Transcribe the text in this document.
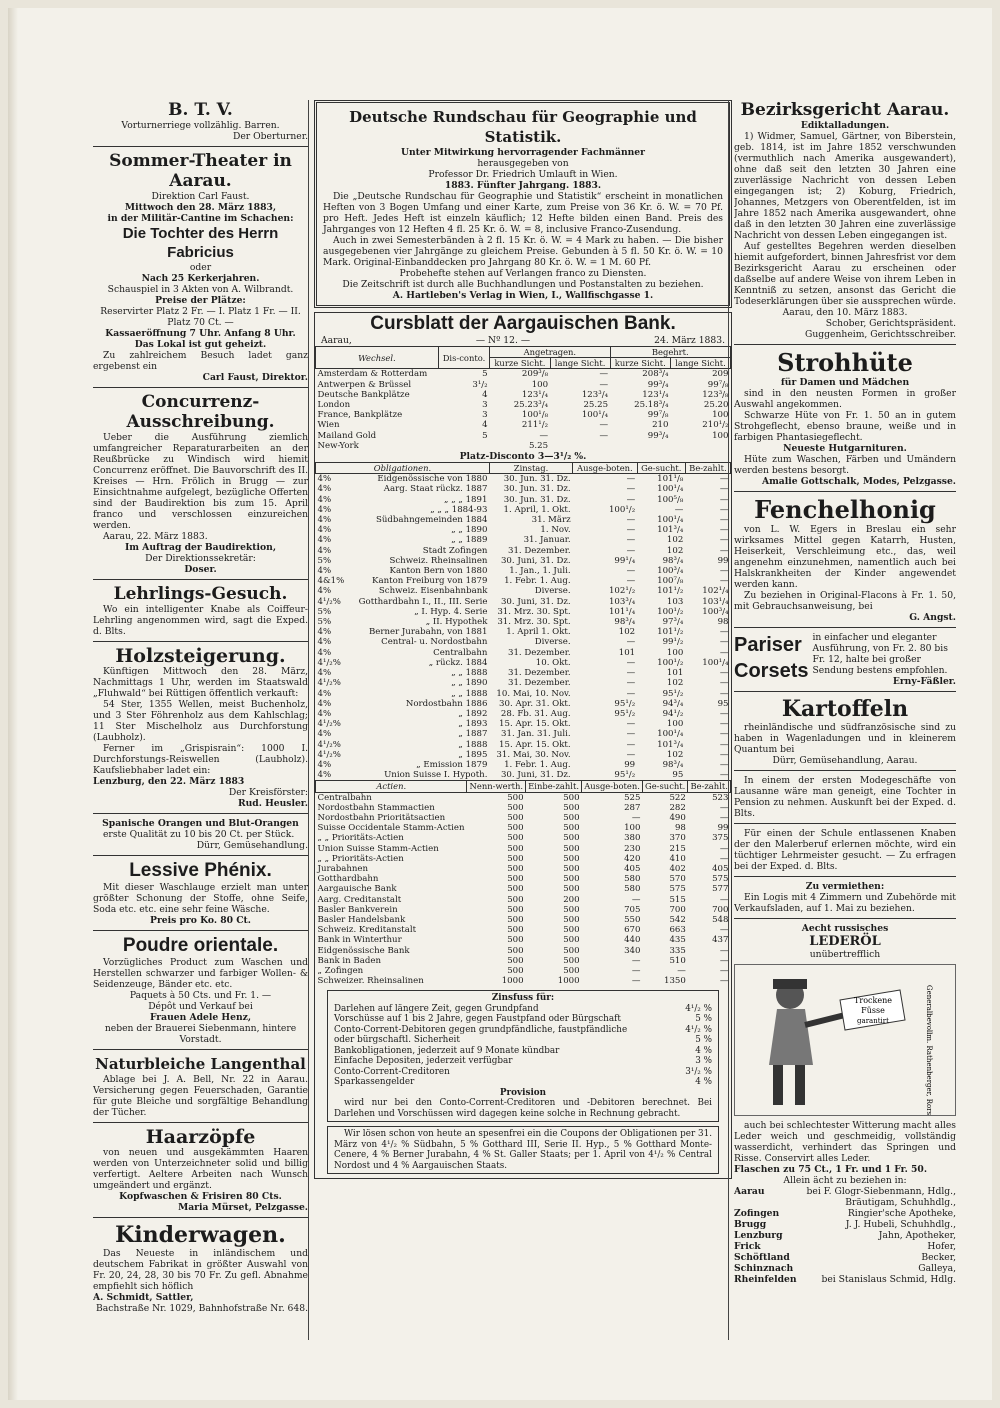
B. T. V.
Vorturnerriege vollzählig. Barren.
Der Oberturner.
Sommer-Theater in Aarau.
Direktion Carl Faust.
Mittwoch den 28. März 1883,
in der Militär-Cantine im Schachen:
Die Tochter des Herrn Fabricius
oder
Nach 25 Kerkerjahren.
Schauspiel in 3 Akten von A. Wilbrandt.
Preise der Plätze:
Reservirter Platz 2 Fr. — I. Platz 1 Fr. — II. Platz 70 Ct. —
Kassaeröffnung 7 Uhr. Anfang 8 Uhr.
Das Lokal ist gut geheizt.
Zu zahlreichem Besuch ladet ganz ergebenst ein
Carl Faust, Direktor.
Concurrenz-Ausschreibung.
Ueber die Ausführung ziemlich umfangreicher Reparaturarbeiten an der Reußbrücke zu Windisch wird hiemit Concurrenz eröffnet. Die Bauvorschrift des II. Kreises — Hrn. Frölich in Brugg — zur Einsichtnahme aufgelegt, bezügliche Offerten sind der Baudirektion bis zum 15. April franco und verschlossen einzureichen werden.
Aarau, 22. März 1883.
Im Auftrag der Baudirektion,
Der Direktionssekretär:
Doser.
Lehrlings-Gesuch.
Wo ein intelligenter Knabe als Coiffeur-Lehrling angenommen wird, sagt die Exped. d. Blts.
Holzsteigerung.
Künftigen Mittwoch den 28. März, Nachmittags 1 Uhr, werden im Staatswald „Fluhwald“ bei Rüttigen öffentlich verkauft:
54 Ster, 1355 Wellen, meist Buchenholz, und 3 Ster Föhrenholz aus dem Kahlschlag; 11 Ster Mischelholz aus Durchforstung (Laubholz).
Ferner im „Grispisrain“: 1000 I. Durchforstungs-Reiswellen (Laubholz). Kaufsliebhaber ladet ein:
Lenzburg, den 22. März 1883
Der Kreisförster:
Rud. Heusler.
Spanische Orangen und Blut-Orangen
erste Qualität zu 10 bis 20 Ct. per Stück.
Dürr, Gemüsehandlung.
Lessive Phénix.
Mit dieser Waschlauge erzielt man unter größter Schonung der Stoffe, ohne Seife, Soda etc. etc. eine sehr feine Wäsche.
Preis pro Ko. 80 Ct.
Poudre orientale.
Vorzügliches Product zum Waschen und Herstellen schwarzer und farbiger Wollen- & Seidenzeuge, Bänder etc. etc.
Paquets à 50 Cts. und Fr. 1. —
Dépôt und Verkauf bei
Frauen Adele Henz,
neben der Brauerei Siebenmann, hintere Vorstadt.
Naturbleiche Langenthal
Ablage bei J. A. Bell, Nr. 22 in Aarau. Versicherung gegen Feuerschaden, Garantie für gute Bleiche und sorgfältige Behandlung der Tücher.
Haarzöpfe
von neuen und ausgekämmten Haaren werden von Unterzeichneter solid und billig verfertigt. Aeltere Arbeiten nach Wunsch umgeändert und ergänzt.
Kopfwaschen & Frisiren 80 Cts.
Maria Mürset, Pelzgasse.
Kinderwagen.
Das Neueste in inländischem und deutschem Fabrikat in größter Auswahl von Fr. 20, 24, 28, 30 bis 70 Fr. Zu gefl. Abnahme empfiehlt sich höflich
A. Schmidt, Sattler,
Bachstraße Nr. 1029, Bahnhofstraße Nr. 648.
Deutsche Rundschau für Geographie und Statistik.
Unter Mitwirkung hervorragender Fachmänner
herausgegeben von
Professor Dr. Friedrich Umlauft in Wien.
1883. Fünfter Jahrgang. 1883.
Die „Deutsche Rundschau für Geographie und Statistik“ erscheint in monatlichen Heften von 3 Bogen Umfang und einer Karte, zum Preise von 36 Kr. ö. W. = 70 Pf. pro Heft. Jedes Heft ist einzeln käuflich; 12 Hefte bilden einen Band. Preis des Jahrganges von 12 Heften 4 fl. 25 Kr. ö. W. = 8, inclusive Franco-Zusendung.
Auch in zwei Semesterbänden à 2 fl. 15 Kr. ö. W. = 4 Mark zu haben. — Die bisher ausgegebenen vier Jahrgänge zu gleichem Preise. Gebunden à 5 fl. 50 Kr. ö. W. = 10 Mark. Original-Einbanddecken pro Jahrgang 80 Kr. ö. W. = 1 M. 60 Pf.
Probehefte stehen auf Verlangen franco zu Diensten.
Die Zeitschrift ist durch alle Buchhandlungen und Postanstalten zu beziehen.
A. Hartleben's Verlag in Wien, I., Wallfischgasse 1.
Cursblatt der Aargauischen Bank.
Aarau,	— Nº 12. —	24. März 1883.
Wechsel.	Dis-conto.	Angetragen.		Begehrt.	
		kurze Sicht.	lange Sicht.	kurze Sicht.	lange Sicht.
Amsterdam & Rotterdam	5	209³/₈	—	208³/₄	209
Antwerpen & Brüssel	3¹/₂	100	—	99³/₄	99⁷/₈
Deutsche Bankplätze	4	123¹/₄	123³/₄	123¹/₄	123³/₈
London	3	25.23³/₄	25.25	25.18³/₄	25.20
France, Bankplätze	3	100¹/₈	100¹/₄	99⁷/₈	100
Wien	4	211¹/₂	—	210	210¹/₂
Mailand Gold	5	—	—	99³/₄	100
New-York		5.25			
Platz-Disconto 3—3¹/₂ %.
Obligationen.		Zinstag.	Ausge-boten.	Ge-sucht.	Be-zahlt.
4%	Eidgenössische von 1880	30. Jun. 31. Dz.	—	101¹/₈	—
4%	Aarg. Staat rückz. 1887	30. Jun. 31. Dz.	—	100¹/₄	—
4%	„ „ „ 1891	30. Jun. 31. Dz.	—	100⁵/₈	—
4%	„ „ „ 1884-93	1. April, 1. Okt.	100¹/₂	—	—
4%	Südbahngemeinden 1884	31. März	—	100¹/₄	—
4%	„ „ 1890	1. Nov.	—	101³/₄	—
4%	„ „ 1889	31. Januar.	—	102	—
4%	Stadt Zofingen	31. Dezember.	—	102	—
5%	Schweiz. Rheinsalinen	30. Juni, 31. Dz.	99¹/₄	98³/₄	99
4%	Kanton Bern von 1880	1. Jan., 1. Juli.	—	100³/₄	—
4&1%	Kanton Freiburg von 1879	1. Febr. 1. Aug.	—	100⁷/₈	—
4%	Schweiz. Eisenbahnbank	Diverse.	102¹/₂	101¹/₂	102¹/₄
4¹/₂%	Gotthardbahn I., II., III. Serie	30. Juni, 31. Dz.	103³/₄	103	103¹/₄
5%	„ I. Hyp. 4. Serie	31. Mrz. 30. Spt.	101¹/₄	100¹/₂	100³/₄
5%	„ II. Hypothek	31. Mrz. 30. Spt.	98³/₄	97³/₄	98
4%	Berner Jurabahn, von 1881	1. April 1. Okt.	102	101¹/₂	—
4%	Central- u. Nordostbahn	Diverse.	—	99¹/₂	—
4%	Centralbahn	31. Dezember.	101	100	—
4¹/₂%	„ rückz. 1884	10. Okt.	—	100¹/₂	100¹/₄
4%	„ „ 1888	31. Dezember.	—	101	—
4¹/₂%	„ „ 1890	31. Dezember.	—	102	—
4%	„ „ 1888	10. Mai, 10. Nov.	—	95¹/₂	—
4%	Nordostbahn 1886	30. Apr. 31. Okt.	95¹/₂	94³/₄	95
4%	„ 1892	28. Fb. 31. Aug.	95¹/₂	94¹/₂	—
4¹/₂%	„ 1893	15. Apr. 15. Okt.	—	100	—
4%	„ 1887	31. Jan. 31. Juli.	—	100¹/₄	—
4¹/₂%	„ 1888	15. Apr. 15. Okt.	—	101³/₄	—
4¹/₂%	„ 1895	31. Mai, 30. Nov.	—	102	—
4%	„ Emission 1879	1. Febr. 1. Aug.	99	98³/₄	—
4%	Union Suisse I. Hypoth.	30. Juni, 31. Dz.	95¹/₂	95	—
Actien.	Nenn-werth.	Einbe-zahlt.	Ausge-boten.	Ge-sucht.	Be-zahlt.
Centralbahn	500	500	525	522	523
Nordostbahn Stammactien	500	500	287	282	—
Nordostbahn Prioritätsactien	500	500	—	490	—
Suisse Occidentale Stamm-Actien	500	500	100	98	99
„ „ Prioritäts-Actien	500	500	380	370	375
Union Suisse Stamm-Actien	500	500	230	215	—
„ „ Prioritäts-Actien	500	500	420	410	—
Jurabahnen	500	500	405	402	405
Gotthardbahn	500	500	580	570	575
Aargauische Bank	500	500	580	575	577
Aarg. Creditanstalt	500	200	—	515	—
Basler Bankverein	500	500	705	700	700
Basler Handelsbank	500	500	550	542	548
Schweiz. Kreditanstalt	500	500	670	663	—
Bank in Winterthur	500	500	440	435	437
Eidgenössische Bank	500	500	340	335	—
Bank in Baden	500	500	—	510	—
„ Zofingen	500	500	—	—	—
Schweizer. Rheinsalinen	1000	1000	—	1350	—
Zinsfuss für:
Darlehen auf längere Zeit, gegen Grundpfand	4¹/₂ %
Vorschüsse auf 1 bis 2 Jahre, gegen Faustpfand oder Bürgschaft	5 %
Conto-Corrent-Debitoren gegen grundpfändliche, faustpfändliche	4¹/₂ %
oder bürgschaftl. Sicherheit	5 %
Bankobligationen, jederzeit auf 9 Monate kündbar	4 %
Einfache Depositen, jederzeit verfügbar	3 %
Conto-Corrent-Creditoren	3¹/₂ %
Sparkassengelder	4 %
Provision
wird nur bei den Conto-Corrent-Creditoren und -Debitoren berechnet. Bei Darlehen und Vorschüssen wird dagegen keine solche in Rechnung gebracht.
Wir lösen schon von heute an spesenfrei ein die Coupons der Obligationen per 31. März von 4¹/₂ % Südbahn, 5 % Gotthard III, Serie II. Hyp., 5 % Gotthard Monte-Cenere, 4 % Berner Jurabahn, 4 % St. Galler Staats; per 1. April von 4¹/₂ % Central Nordost und 4 % Aargauischen Staats.
Bezirksgericht Aarau.
Ediktalladungen.
1) Widmer, Samuel, Gärtner, von Biberstein, geb. 1814, ist im Jahre 1852 verschwunden (vermuthlich nach Amerika ausgewandert), ohne daß seit den letzten 30 Jahren eine zuverlässige Nachricht von dessen Leben eingegangen ist; 2) Koburg, Friedrich, Johannes, Metzgers von Oberentfelden, ist im Jahre 1852 nach Amerika ausgewandert, ohne daß in den letzten 30 Jahren eine zuverlässige Nachricht von dessen Leben eingegangen ist.
Auf gestelltes Begehren werden dieselben hiemit aufgefordert, binnen Jahresfrist vor dem Bezirksgericht Aarau zu erscheinen oder daßselbe auf andere Weise von ihrem Leben in Kenntniß zu setzen, ansonst das Gericht die Todeserklärungen über sie aussprechen würde.
Aarau, den 10. März 1883.
Schober, Gerichtspräsident.
Guggenheim, Gerichtsschreiber.
Strohhüte
für Damen und Mädchen
sind in den neusten Formen in großer Auswahl angekommen.
Schwarze Hüte von Fr. 1. 50 an in gutem Strohgeflecht, ebenso braune, weiße und in farbigen Phantasiegeflecht.
Neueste Hutgarnituren.
Hüte zum Waschen, Färben und Umändern werden bestens besorgt.
Amalie Gottschalk, Modes, Pelzgasse.
Fenchelhonig
von L. W. Egers in Breslau ein sehr wirksames Mittel gegen Katarrh, Husten, Heiserkeit, Verschleimung etc., das, weil angenehm einzunehmen, namentlich auch bei Halskrankheiten der Kinder angewendet werden kann.
Zu beziehen in Original-Flacons à Fr. 1. 50, mit Gebrauchsanweisung, bei
G. Angst.
Pariser
Corsets
in einfacher und eleganter Ausführung, von Fr. 2. 80 bis Fr. 12, halte bei großer Sendung bestens empfohlen.
Erny-Fäßler.
Kartoffeln
rheinländische und südfranzösische sind zu haben in Wagenladungen und in kleinerem Quantum bei
Dürr, Gemüsehandlung, Aarau.
In einem der ersten Modegeschäfte von Lausanne wäre man geneigt, eine Tochter in Pension zu nehmen. Auskunft bei der Exped. d. Blts.
Für einen der Schule entlassenen Knaben der den Malerberuf erlernen möchte, wird ein tüchtiger Lehrmeister gesucht. — Zu erfragen bei der Exped. d. Blts.
Zu vermiethen:
Ein Logis mit 4 Zimmern und Zubehörde mit Verkaufsladen, auf 1. Mai zu beziehen.
Aecht russisches
LEDERÖL
unübertrefflich
Trockene
Füsse
garantirt	Generalbevollm. Rathenberger, Rorschach
auch bei schlechtester Witterung macht alles Leder weich und geschmeidig, vollständig wasserdicht, verhindert das Springen und Risse. Conservirt alles Leder.
Flaschen zu 75 Ct., 1 Fr. und 1 Fr. 50.
Allein ächt zu beziehen in:
Aarau	bei F. Glogr-Siebenmann, Hdlg.,
Bräutigam, Schuhhdlg.,
Zofingen	Ringier'sche Apotheke,
Brugg	J. J. Hubeli, Schuhhdlg.,
Lenzburg	Jahn, Apotheker,
Frick	Hofer,
Schöftland	Becker,
Schinznach	Galleya,
Rheinfelden	bei Stanislaus Schmid, Hdlg.
